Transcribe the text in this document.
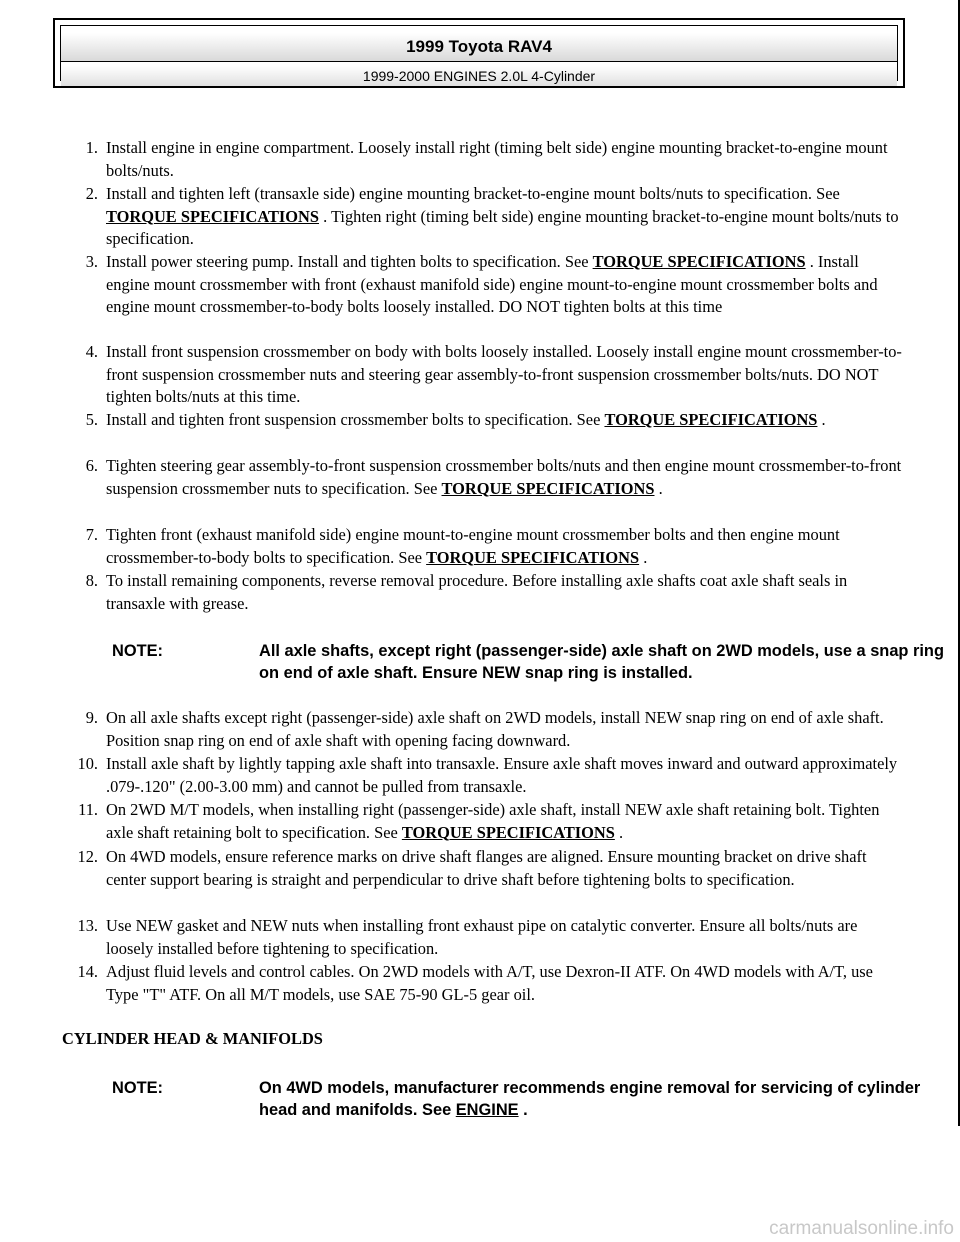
1999 Toyota RAV4
1999-2000 ENGINES 2.0L 4-Cylinder
1. Install engine in engine compartment. Loosely install right (timing belt side) engine mounting bracket-to-engine mount bolts/nuts.
2. Install and tighten left (transaxle side) engine mounting bracket-to-engine mount bolts/nuts to specification. See TORQUE SPECIFICATIONS . Tighten right (timing belt side) engine mounting bracket-to-engine mount bolts/nuts to specification.
3. Install power steering pump. Install and tighten bolts to specification. See TORQUE SPECIFICATIONS . Install engine mount crossmember with front (exhaust manifold side) engine mount-to-engine mount crossmember bolts and engine mount crossmember-to-body bolts loosely installed. DO NOT tighten bolts at this time
4. Install front suspension crossmember on body with bolts loosely installed. Loosely install engine mount crossmember-to-front suspension crossmember nuts and steering gear assembly-to-front suspension crossmember bolts/nuts. DO NOT tighten bolts/nuts at this time.
5. Install and tighten front suspension crossmember bolts to specification. See TORQUE SPECIFICATIONS .
6. Tighten steering gear assembly-to-front suspension crossmember bolts/nuts and then engine mount crossmember-to-front suspension crossmember nuts to specification. See TORQUE SPECIFICATIONS .
7. Tighten front (exhaust manifold side) engine mount-to-engine mount crossmember bolts and then engine mount crossmember-to-body bolts to specification. See TORQUE SPECIFICATIONS .
8. To install remaining components, reverse removal procedure. Before installing axle shafts coat axle shaft seals in transaxle with grease.
NOTE:	All axle shafts, except right (passenger-side) axle shaft on 2WD models, use a snap ring on end of axle shaft. Ensure NEW snap ring is installed.
9. On all axle shafts except right (passenger-side) axle shaft on 2WD models, install NEW snap ring on end of axle shaft. Position snap ring on end of axle shaft with opening facing downward.
10. Install axle shaft by lightly tapping axle shaft into transaxle. Ensure axle shaft moves inward and outward approximately .079-.120" (2.00-3.00 mm) and cannot be pulled from transaxle.
11. On 2WD M/T models, when installing right (passenger-side) axle shaft, install NEW axle shaft retaining bolt. Tighten axle shaft retaining bolt to specification. See TORQUE SPECIFICATIONS .
12. On 4WD models, ensure reference marks on drive shaft flanges are aligned. Ensure mounting bracket on drive shaft center support bearing is straight and perpendicular to drive shaft before tightening bolts to specification.
13. Use NEW gasket and NEW nuts when installing front exhaust pipe on catalytic converter. Ensure all bolts/nuts are loosely installed before tightening to specification.
14. Adjust fluid levels and control cables. On 2WD models with A/T, use Dexron-II ATF. On 4WD models with A/T, use Type "T" ATF. On all M/T models, use SAE 75-90 GL-5 gear oil.
CYLINDER HEAD & MANIFOLDS
NOTE:	On 4WD models, manufacturer recommends engine removal for servicing of cylinder head and manifolds. See ENGINE .
carmanualsonline.info
